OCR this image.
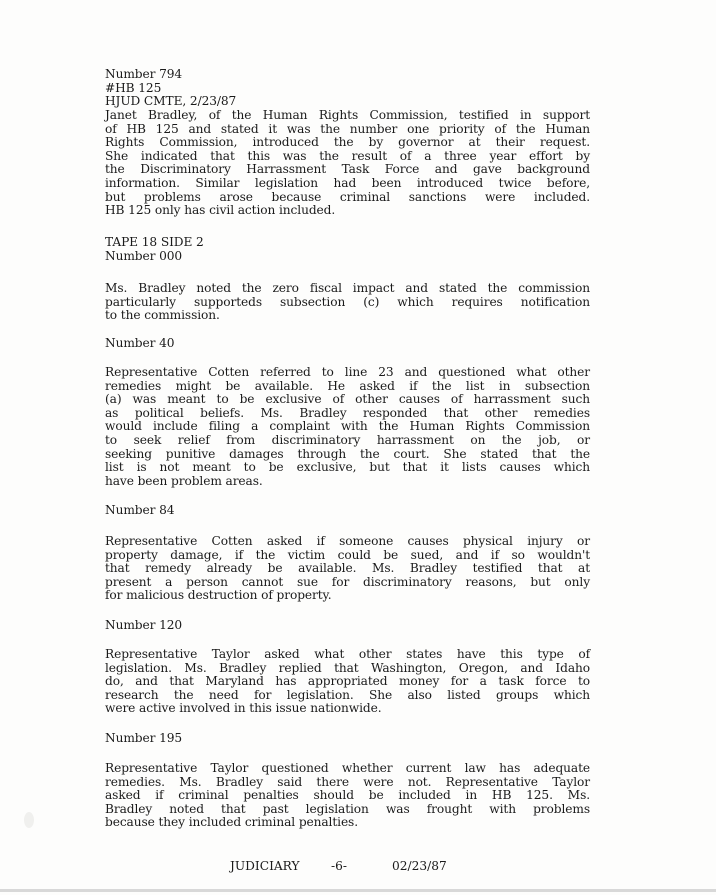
Number 794
#HB 125
HJUD CMTE, 2/23/87
Janet Bradley, of the Human Rights Commission, testified in support
of HB 125 and stated it was the number one priority of the Human
Rights Commission, introduced the by governor at their request.
She indicated that this was the result of a three year effort by
the Discriminatory Harrassment Task Force and gave background
information. Similar legislation had been introduced twice before,
but problems arose because criminal sanctions were included.
HB 125 only has civil action included.
TAPE 18 SIDE 2
Number 000
Ms. Bradley noted the zero fiscal impact and stated the commission
particularly supporteds subsection (c) which requires notification
to the commission.
Number 40
Representative Cotten referred to line 23 and questioned what other
remedies might be available. He asked if the list in subsection
(a) was meant to be exclusive of other causes of harrassment such
as political beliefs. Ms. Bradley responded that other remedies
would include filing a complaint with the Human Rights Commission
to seek relief from discriminatory harrassment on the job, or
seeking punitive damages through the court. She stated that the
list is not meant to be exclusive, but that it lists causes which
have been problem areas.
Number 84
Representative Cotten asked if someone causes physical injury or
property damage, if the victim could be sued, and if so wouldn't
that remedy already be available. Ms. Bradley testified that at
present a person cannot sue for discriminatory reasons, but only
for malicious destruction of property.
Number 120
Representative Taylor asked what other states have this type of
legislation. Ms. Bradley replied that Washington, Oregon, and Idaho
do, and that Maryland has appropriated money for a task force to
research the need for legislation. She also listed groups which
were active involved in this issue nationwide.
Number 195
Representative Taylor questioned whether current law has adequate
remedies. Ms. Bradley said there were not. Representative Taylor
asked if criminal penalties should be included in HB 125. Ms.
Bradley noted that past legislation was frought with problems
because they included criminal penalties.
JUDICIARY	-6-	02/23/87
